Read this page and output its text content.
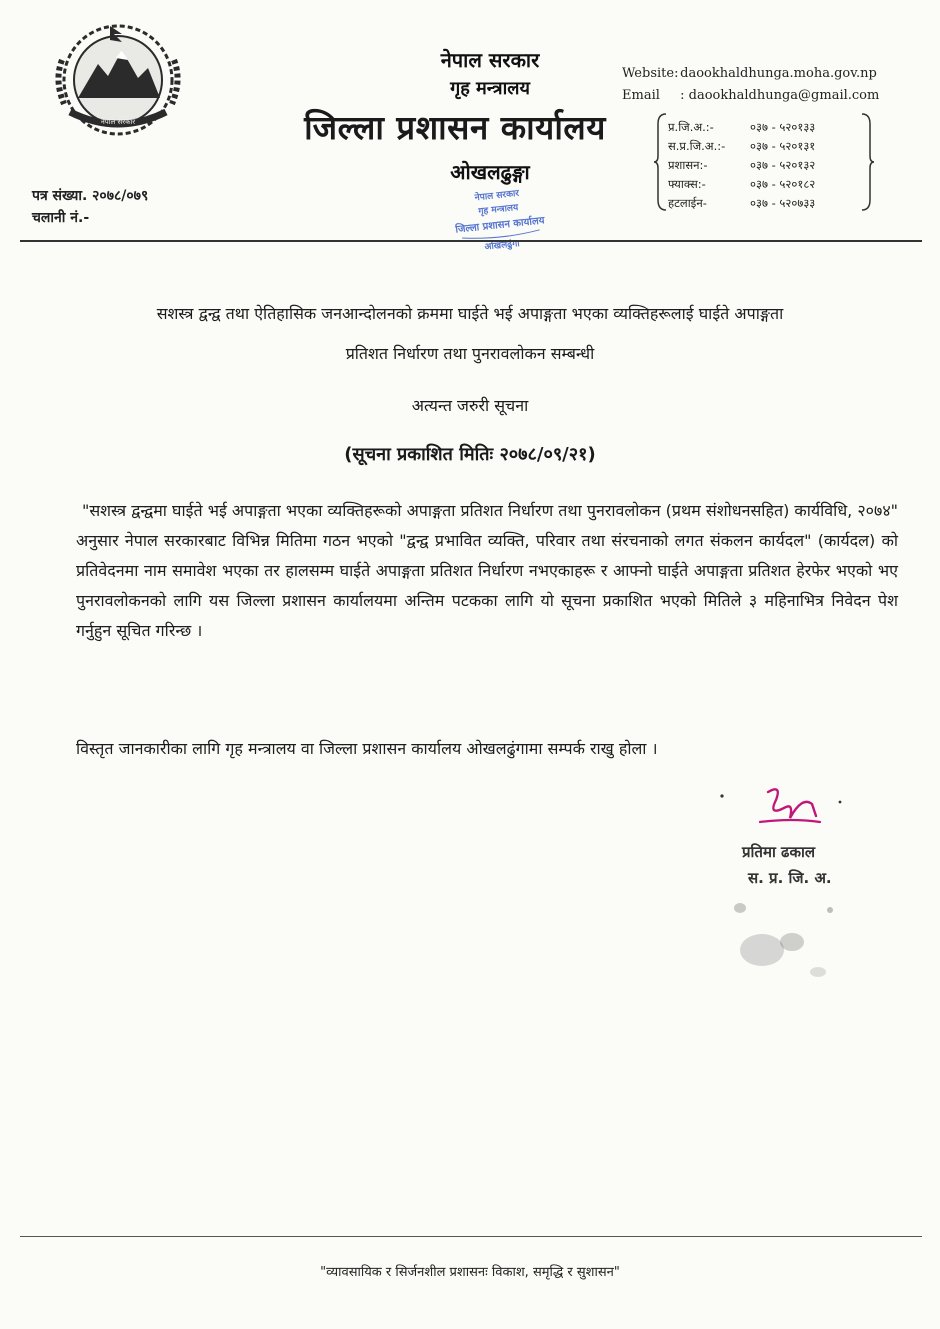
नेपाल सरकार
नेपाल सरकार
गृह मन्त्रालय
जिल्ला प्रशासन कार्यालय
ओखलढुङ्गा
Website: daookhaldhunga.moha.gov.np
Email : daookhaldhunga@gmail.com
प्र.जि.अ.:-	०३७ - ५२०१३३
स.प्र.जि.अ.:-	०३७ - ५२०१३१
प्रशासन:-	०३७ - ५२०१३२
फ्याक्स:-	०३७ - ५२०१८२
हटलाईन-	०३७ - ५२०७३३
पत्र संख्या. २०७८/०७९
चलानी नं.-
नेपाल सरकार
गृह मन्त्रालय
जिल्ला प्रशासन कार्यालय
ओखलढुंगा
सशस्त्र द्वन्द्व तथा ऐतिहासिक जनआन्दोलनको क्रममा घाईते भई अपाङ्गता भएका व्यक्तिहरूलाई घाईते अपाङ्गता
प्रतिशत निर्धारण तथा पुनरावलोकन सम्बन्धी
अत्यन्त जरुरी सूचना
(सूचना प्रकाशित मितिः २०७८/०९/२१)
"सशस्त्र द्वन्द्वमा घाईते भई अपाङ्गता भएका व्यक्तिहरूको अपाङ्गता प्रतिशत निर्धारण तथा पुनरावलोकन (प्रथम संशोधनसहित) कार्यविधि, २०७४" अनुसार नेपाल सरकारबाट विभिन्न मितिमा गठन भएको "द्वन्द्व प्रभावित व्यक्ति, परिवार तथा संरचनाको लगत संकलन कार्यदल" (कार्यदल) को प्रतिवेदनमा नाम समावेश भएका तर हालसम्म घाईते अपाङ्गता प्रतिशत निर्धारण नभएकाहरू र आफ्नो घाईते अपाङ्गता प्रतिशत हेरफेर भएको भए पुनरावलोकनको लागि यस जिल्ला प्रशासन कार्यालयमा अन्तिम पटकका लागि यो सूचना प्रकाशित भएको मितिले ३ महिनाभित्र निवेदन पेश गर्नुहुन सूचित गरिन्छ ।
विस्तृत जानकारीका लागि गृह मन्त्रालय वा जिल्ला प्रशासन कार्यालय ओखलढुंगामा सम्पर्क राखु होला ।
प्रतिमा ढकाल
स. प्र. जि. अ.
"व्यावसायिक र सिर्जनशील प्रशासनः विकाश, समृद्धि र सुशासन"
